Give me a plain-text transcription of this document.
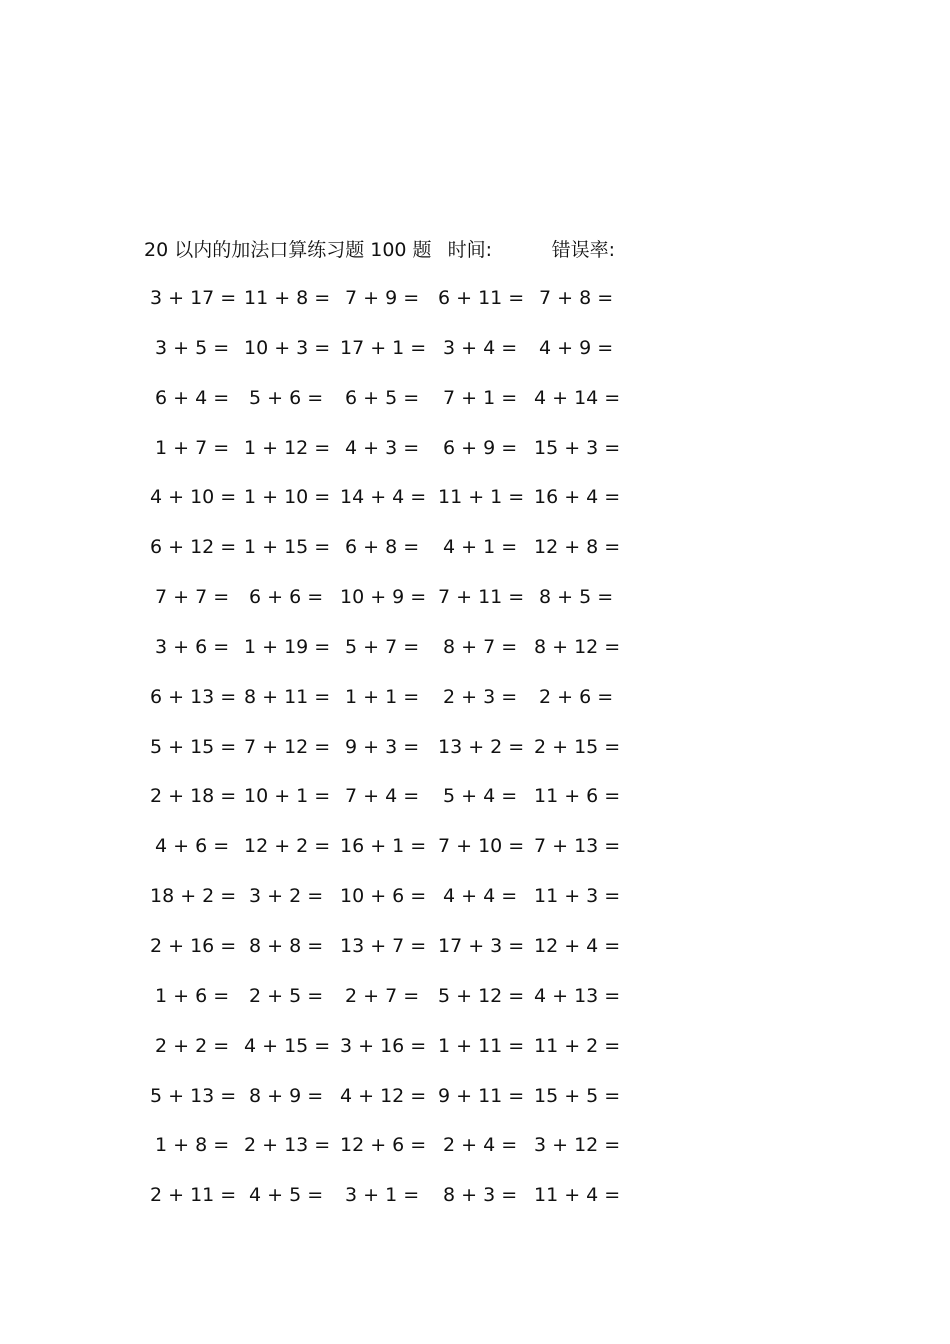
20 以内的加法口算练习题 100 题 时间:	错误率:
3 + 17 = 11 + 8 = 7 + 9 = 6 + 11 = 7 + 8 =
3 + 5 = 10 + 3 = 17 + 1 = 3 + 4 = 4 + 9 =
6 + 4 = 5 + 6 = 6 + 5 = 7 + 1 = 4 + 14 =
1 + 7 = 1 + 12 = 4 + 3 = 6 + 9 = 15 + 3 =
4 + 10 = 1 + 10 = 14 + 4 = 11 + 1 = 16 + 4 =
6 + 12 = 1 + 15 = 6 + 8 = 4 + 1 = 12 + 8 =
7 + 7 = 6 + 6 = 10 + 9 = 7 + 11 = 8 + 5 =
3 + 6 = 1 + 19 = 5 + 7 = 8 + 7 = 8 + 12 =
6 + 13 = 8 + 11 = 1 + 1 = 2 + 3 = 2 + 6 =
5 + 15 = 7 + 12 = 9 + 3 = 13 + 2 = 2 + 15 =
2 + 18 = 10 + 1 = 7 + 4 = 5 + 4 = 11 + 6 =
4 + 6 = 12 + 2 = 16 + 1 = 7 + 10 = 7 + 13 =
18 + 2 = 3 + 2 = 10 + 6 = 4 + 4 = 11 + 3 =
2 + 16 = 8 + 8 = 13 + 7 = 17 + 3 = 12 + 4 =
1 + 6 = 2 + 5 = 2 + 7 = 5 + 12 = 4 + 13 =
2 + 2 = 4 + 15 = 3 + 16 = 1 + 11 = 11 + 2 =
5 + 13 = 8 + 9 = 4 + 12 = 9 + 11 = 15 + 5 =
1 + 8 = 2 + 13 = 12 + 6 = 2 + 4 = 3 + 12 =
2 + 11 = 4 + 5 = 3 + 1 = 8 + 3 = 11 + 4 =
